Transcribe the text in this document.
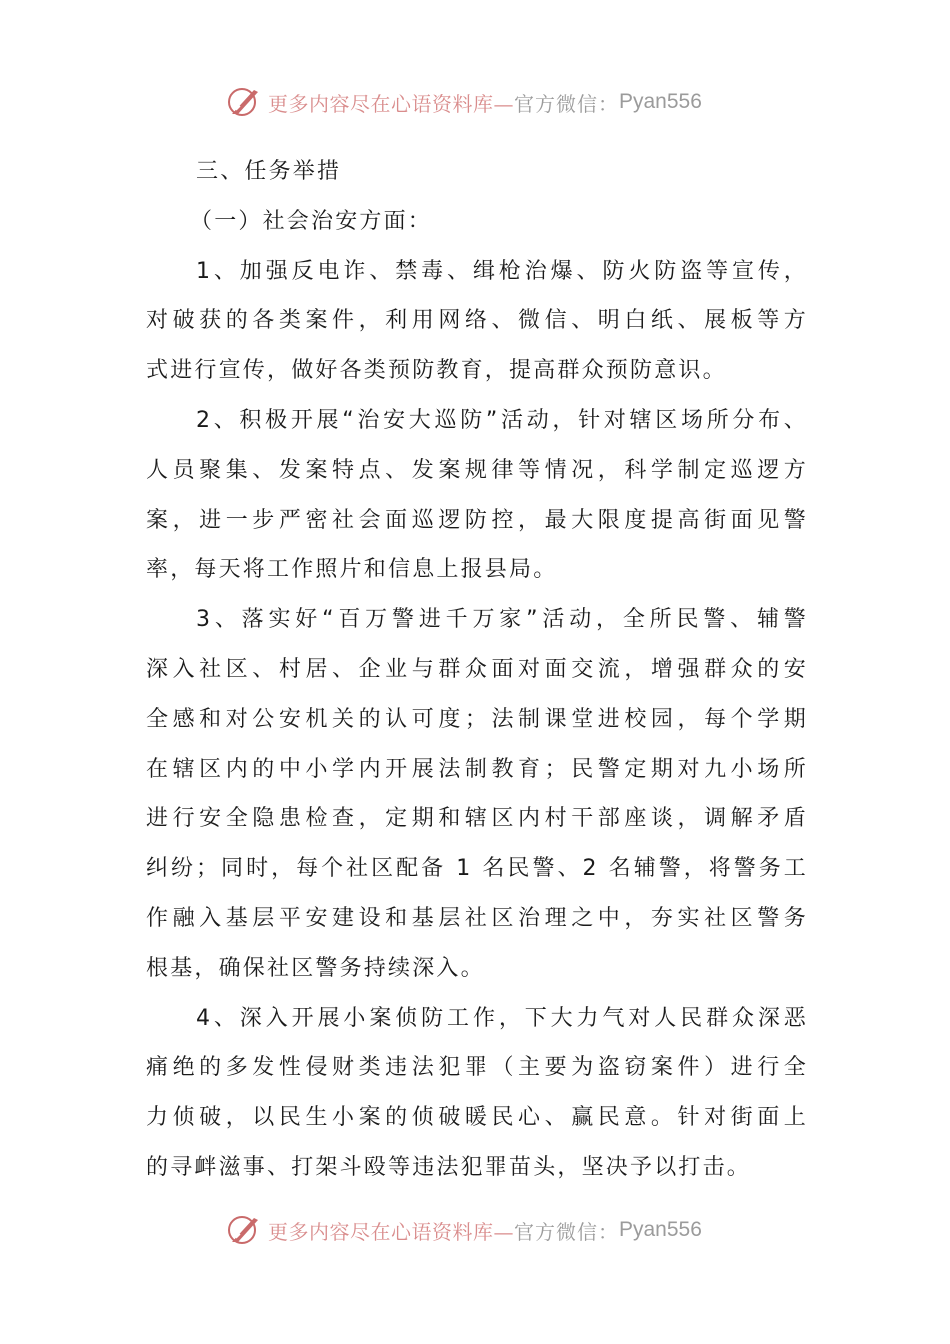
更多内容尽在心语资料库— 官方微信： Pyan556
三、任务举措
（一）社会治安方面：
1、加强反电诈、禁毒、缉枪治爆、防火防盗等宣传，
对破获的各类案件，利用网络、微信、明白纸、展板等方
式进行宣传，做好各类预防教育，提高群众预防意识。
2、积极开展“治安大巡防”活动，针对辖区场所分布、
人员聚集、发案特点、发案规律等情况，科学制定巡逻方
案，进一步严密社会面巡逻防控，最大限度提高街面见警
率，每天将工作照片和信息上报县局。
3、落实好“百万警进千万家”活动，全所民警、辅警
深入社区、村居、企业与群众面对面交流，增强群众的安
全感和对公安机关的认可度；法制课堂进校园，每个学期
在辖区内的中小学内开展法制教育；民警定期对九小场所
进行安全隐患检查，定期和辖区内村干部座谈，调解矛盾
纠纷；同时，每个社区配备 1 名民警、2 名辅警，将警务工
作融入基层平安建设和基层社区治理之中，夯实社区警务
根基，确保社区警务持续深入。
4、深入开展小案侦防工作，下大力气对人民群众深恶
痛绝的多发性侵财类违法犯罪（主要为盗窃案件）进行全
力侦破，以民生小案的侦破暖民心、赢民意。针对街面上
的寻衅滋事、打架斗殴等违法犯罪苗头，坚决予以打击。
更多内容尽在心语资料库— 官方微信： Pyan556
